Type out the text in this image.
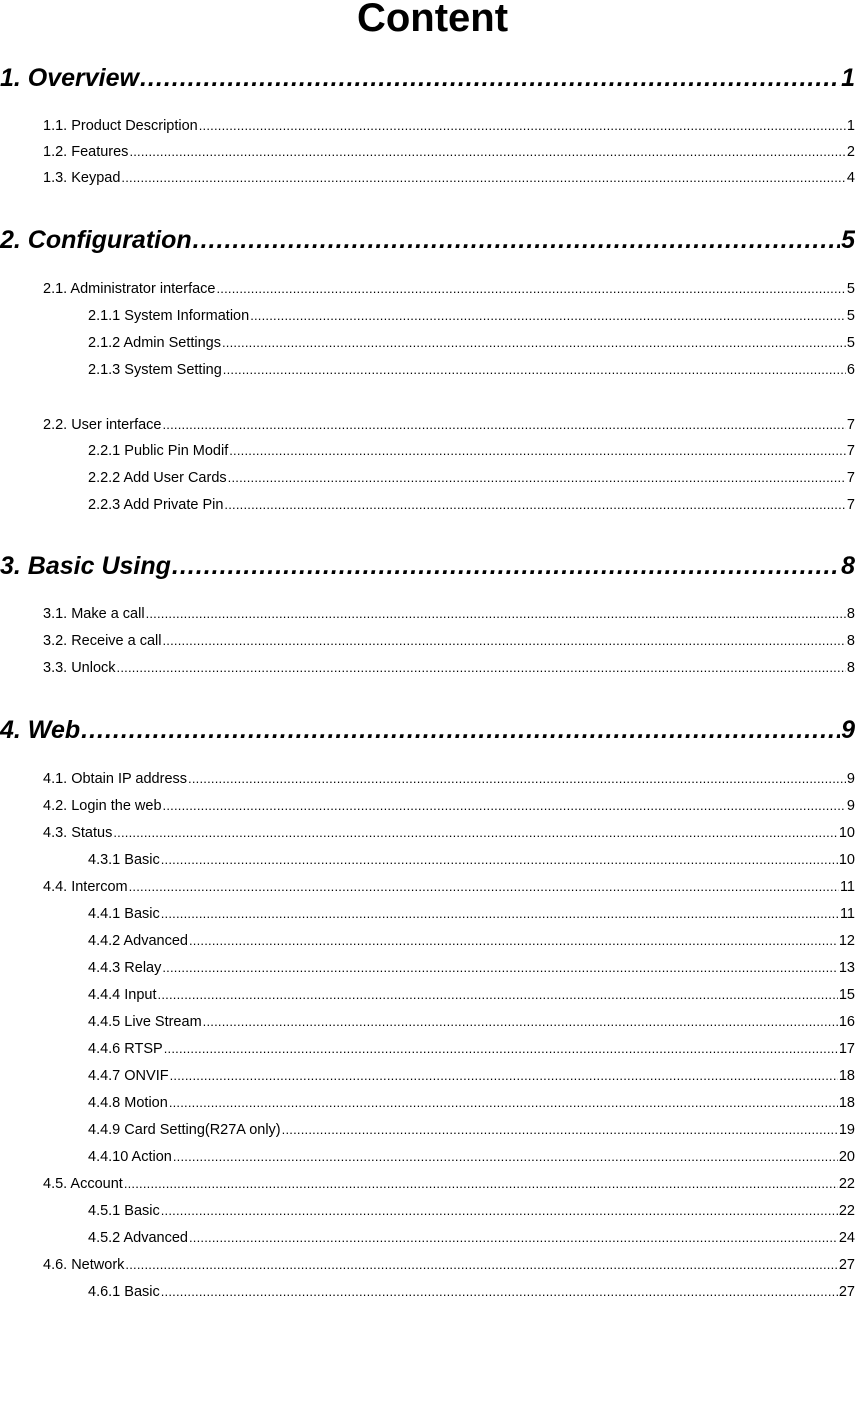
Content
1. Overview .....	1
1.1. Product Description .....	1
1.2. Features .....	2
1.3. Keypad .....	4
2. Configuration .....	5
2.1. Administrator interface .....	5
2.1.1 System Information .....	5
2.1.2 Admin Settings .....	5
2.1.3 System Setting .....	6
2.2. User interface .....	7
2.2.1 Public Pin Modif .....	7
2.2.2 Add User Cards .....	7
2.2.3 Add Private Pin .....	7
3. Basic Using .....	8
3.1. Make a call .....	8
3.2. Receive a call .....	8
3.3. Unlock .....	8
4. Web .....	9
4.1. Obtain IP address .....	9
4.2. Login the web .....	9
4.3. Status .....	10
4.3.1 Basic .....	10
4.4. Intercom .....	11
4.4.1 Basic .....	11
4.4.2 Advanced .....	12
4.4.3 Relay .....	13
4.4.4 Input .....	15
4.4.5 Live Stream .....	16
4.4.6 RTSP .....	17
4.4.7 ONVIF .....	18
4.4.8 Motion .....	18
4.4.9 Card Setting(R27A only) .....	19
4.4.10 Action .....	20
4.5. Account .....	22
4.5.1 Basic .....	22
4.5.2 Advanced .....	24
4.6. Network .....	27
4.6.1 Basic .....	27
